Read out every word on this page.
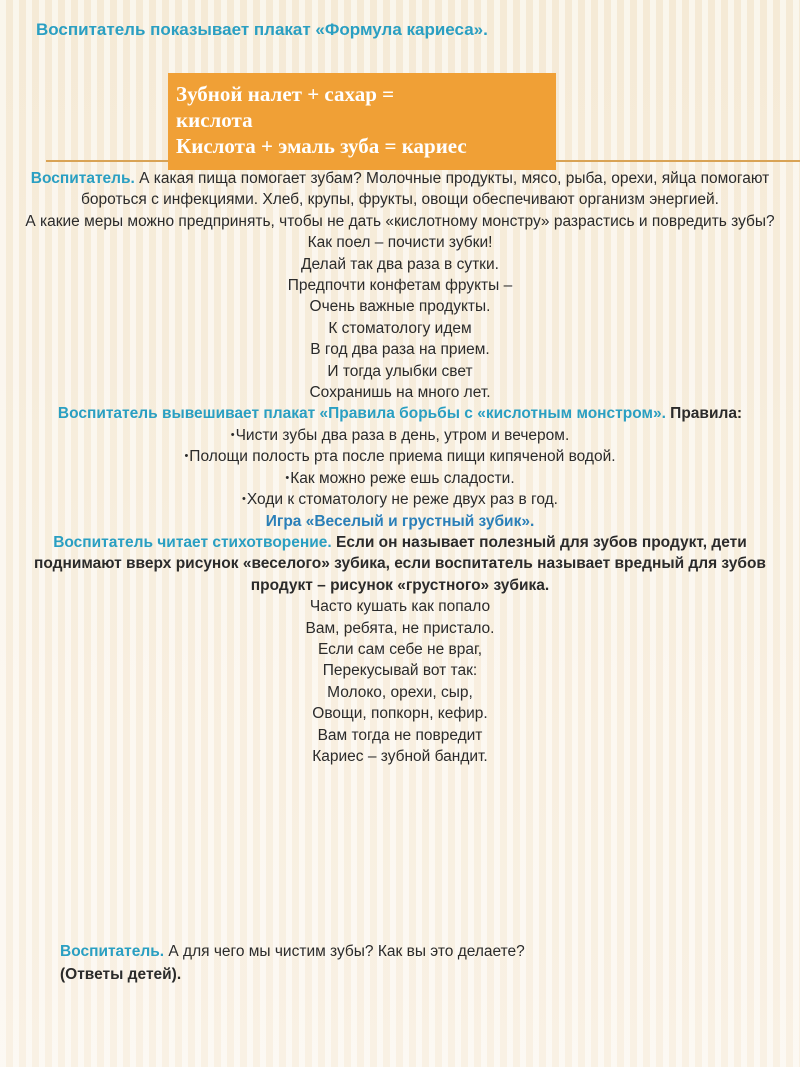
Воспитатель показывает плакат «Формула кариеса».
Зубной налет + сахар =
кислота
Кислота + эмаль зуба = кариес

Воспитатель. А какая пища помогает зубам? Молочные продукты, мясо, рыба, орехи, яйца помогают бороться с инфекциями. Хлеб, крупы, фрукты, овощи обеспечивают организм энергией.

А какие меры можно предпринять, чтобы не дать «кислотному монстру» разрастись и повредить зубы?

Как поел – почисти зубки!

Делай так два раза в сутки.

Предпочти конфетам фрукты –

Очень важные продукты.

К стоматологу идем

В год два раза на прием.

И тогда улыбки свет

Сохранишь на много лет.

Воспитатель вывешивает плакат «Правила борьбы с «кислотным монстром». Правила:

• Чисти зубы два раза в день, утром и вечером.

• Полощи полость рта после приема пищи кипяченой водой.

• Как можно реже ешь сладости.

• Ходи к стоматологу не реже двух раз в год.

Игра «Веселый и грустный зубик».

Воспитатель читает стихотворение. Если он называет полезный для зубов продукт, дети поднимают вверх рисунок «веселого» зубика, если воспитатель называет вредный для зубов продукт – рисунок «грустного» зубика.

Часто кушать как попало

Вам, ребята, не пристало.

Если сам себе не враг,

Перекусывай вот так:

Молоко, орехи, сыр,

Овощи, попкорн, кефир.

Вам тогда не повредит

Кариес – зубной бандит.

Воспитатель. А для чего мы чистим зубы? Как вы это делаете?

(Ответы детей).
